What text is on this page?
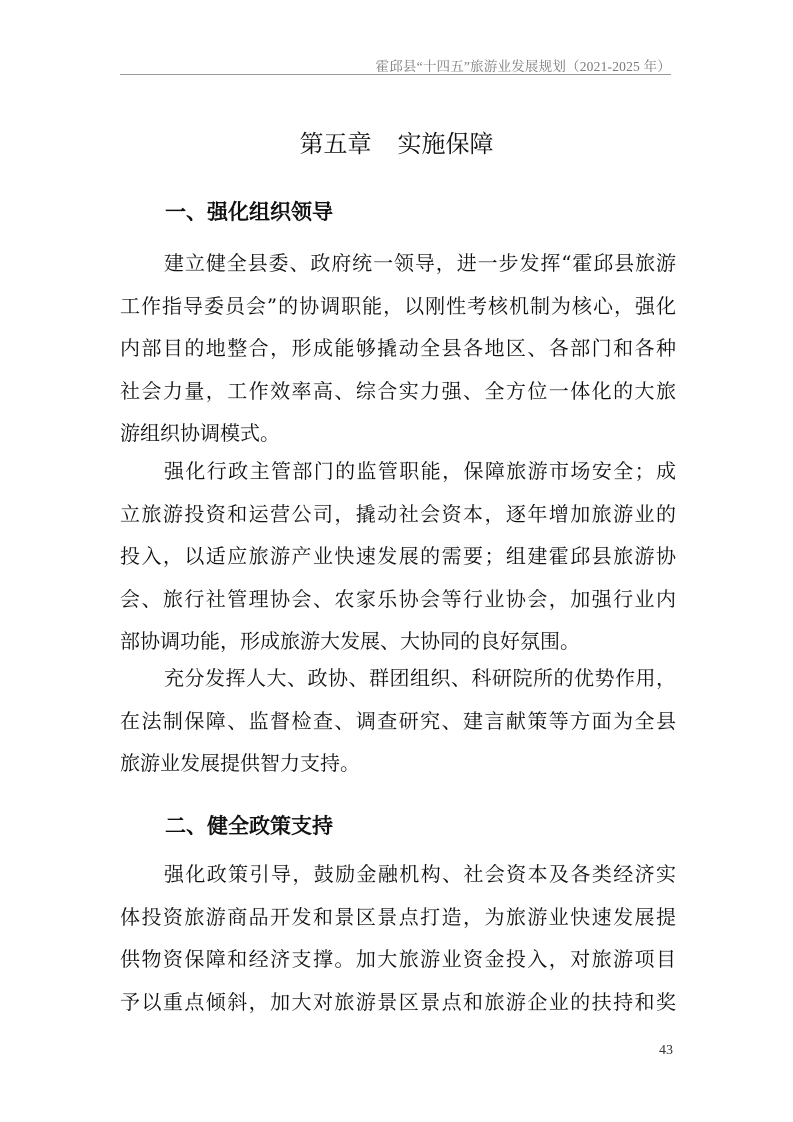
霍邱县“十四五”旅游业发展规划（2021-2025 年）
第五章 实施保障
一、强化组织领导
建立健全县委、政府统一领导，进一步发挥“霍邱县旅游
工作指导委员会”的协调职能，以刚性考核机制为核心，强化
内部目的地整合，形成能够撬动全县各地区、各部门和各种
社会力量，工作效率高、综合实力强、全方位一体化的大旅
游组织协调模式。
强化行政主管部门的监管职能，保障旅游市场安全；成
立旅游投资和运营公司，撬动社会资本，逐年增加旅游业的
投入，以适应旅游产业快速发展的需要；组建霍邱县旅游协
会、旅行社管理协会、农家乐协会等行业协会，加强行业内
部协调功能，形成旅游大发展、大协同的良好氛围。
充分发挥人大、政协、群团组织、科研院所的优势作用，
在法制保障、监督检查、调查研究、建言献策等方面为全县
旅游业发展提供智力支持。
二、健全政策支持
强化政策引导，鼓励金融机构、社会资本及各类经济实
体投资旅游商品开发和景区景点打造，为旅游业快速发展提
供物资保障和经济支撑。加大旅游业资金投入，对旅游项目
予以重点倾斜，加大对旅游景区景点和旅游企业的扶持和奖
43
